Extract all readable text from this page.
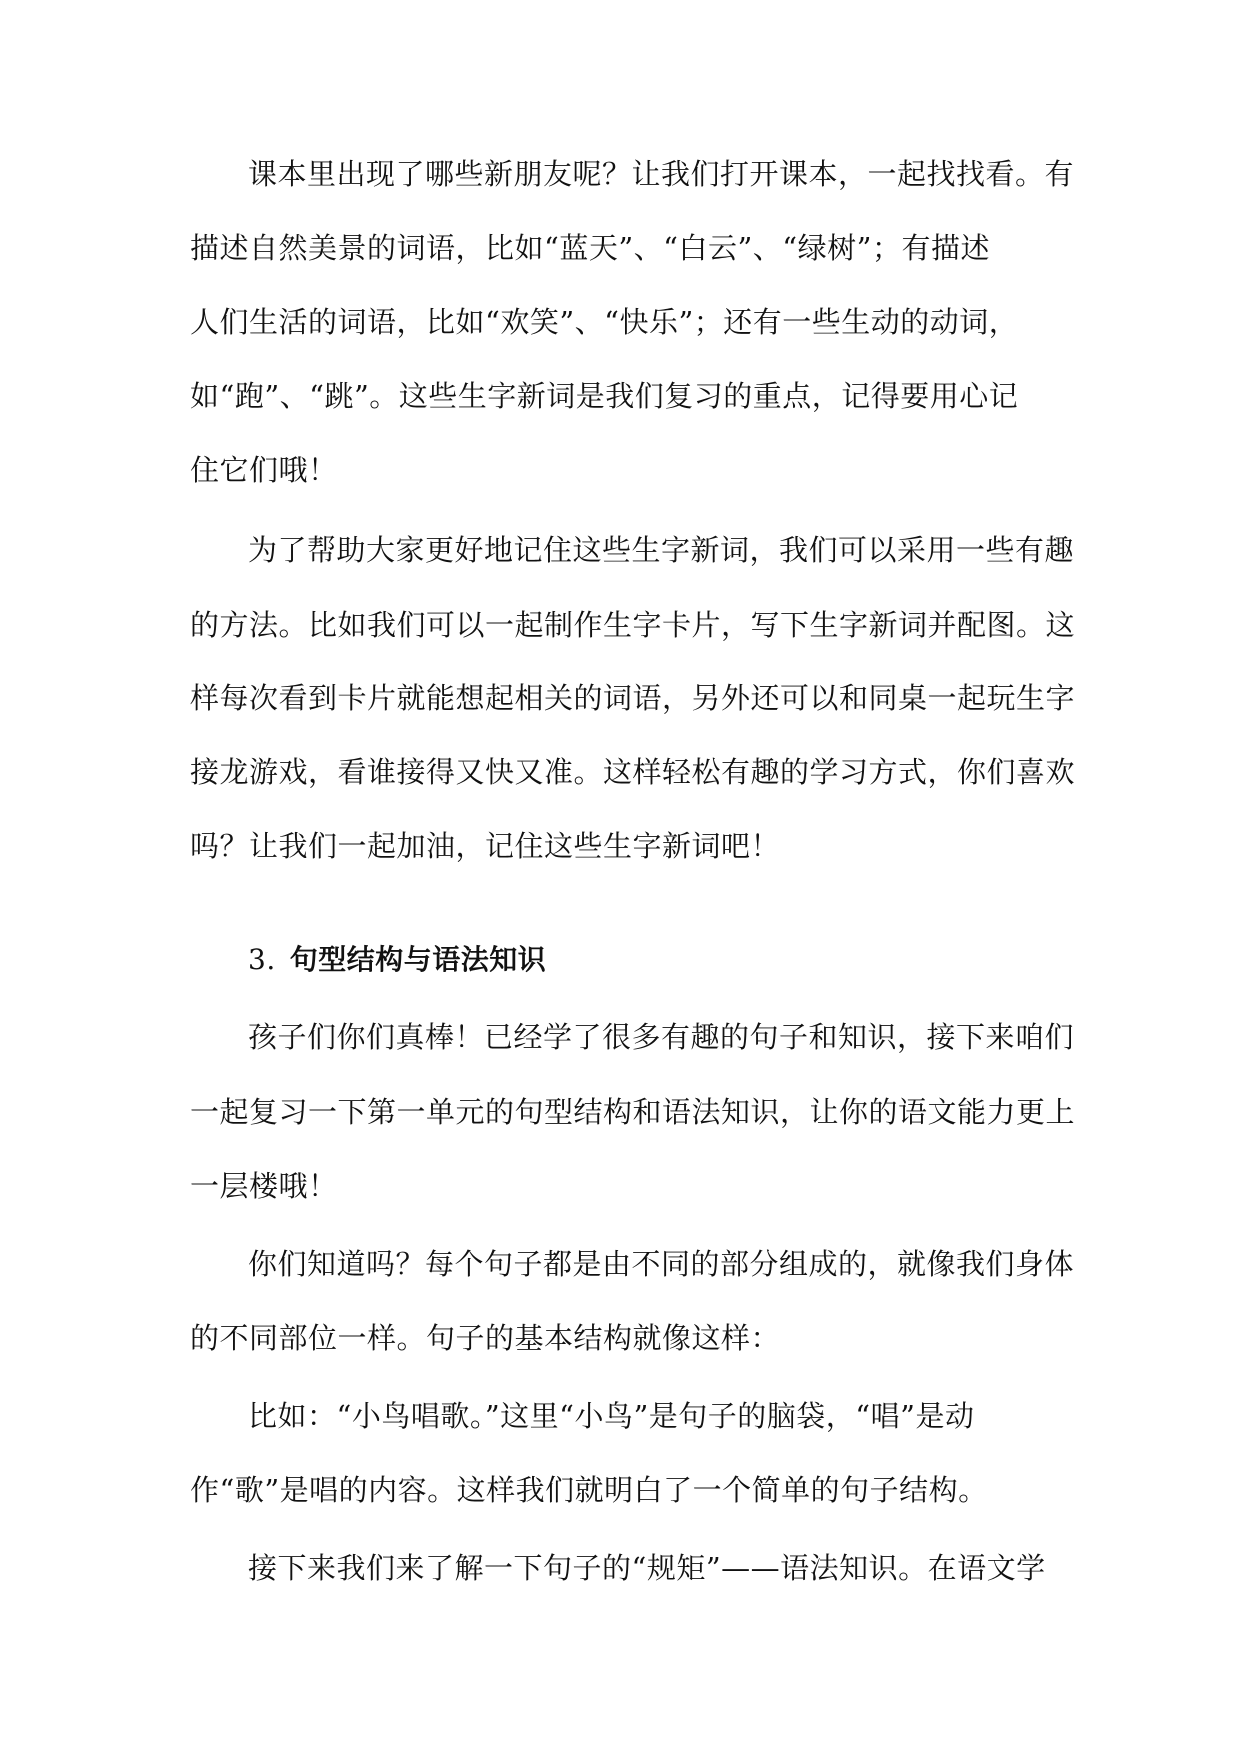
课本里出现了哪些新朋友呢？让我们打开课本，一起找找看。有
描述自然美景的词语，比如“蓝天”、“白云”、“绿树”；有描述
人们生活的词语，比如“欢笑”、“快乐”；还有一些生动的动词，
如“跑”、“跳”。这些生字新词是我们复习的重点，记得要用心记
住它们哦！
为了帮助大家更好地记住这些生字新词，我们可以采用一些有趣
的方法。比如我们可以一起制作生字卡片，写下生字新词并配图。这
样每次看到卡片就能想起相关的词语，另外还可以和同桌一起玩生字
接龙游戏，看谁接得又快又准。这样轻松有趣的学习方式，你们喜欢
吗？让我们一起加油，记住这些生字新词吧！
3. 句型结构与语法知识
孩子们你们真棒！已经学了很多有趣的句子和知识，接下来咱们
一起复习一下第一单元的句型结构和语法知识，让你的语文能力更上
一层楼哦！
你们知道吗？每个句子都是由不同的部分组成的，就像我们身体
的不同部位一样。句子的基本结构就像这样：
比如：“小鸟唱歌。”这里“小鸟”是句子的脑袋，“唱”是动
作“歌”是唱的内容。这样我们就明白了一个简单的句子结构。
接下来我们来了解一下句子的“规矩”——语法知识。在语文学
